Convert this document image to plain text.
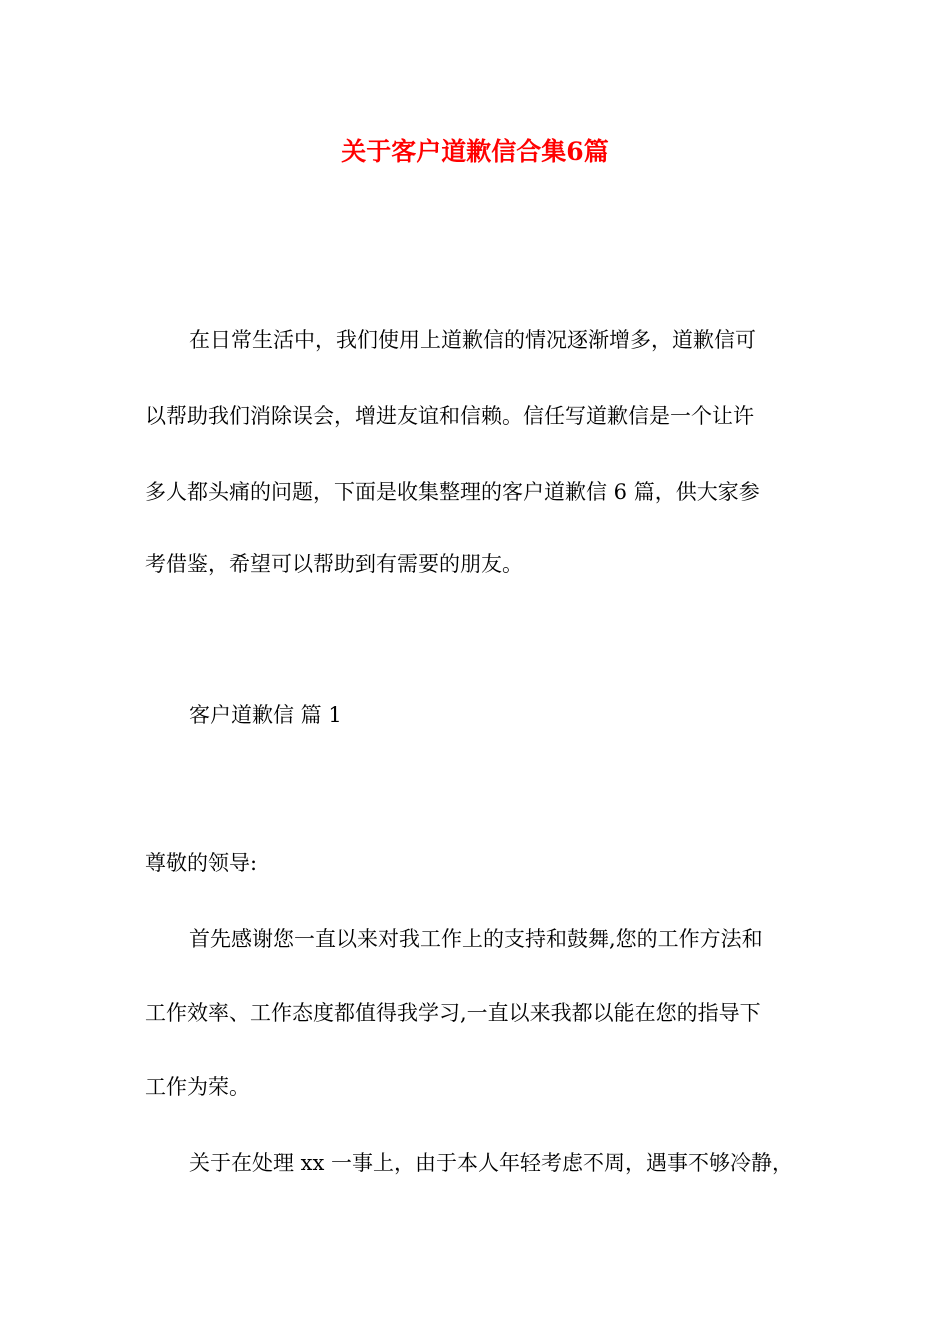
关于客户道歉信合集6篇
在日常生活中，我们使用上道歉信的情况逐渐增多，道歉信可
以帮助我们消除误会，增进友谊和信赖。信任写道歉信是一个让许
多人都头痛的问题，下面是收集整理的客户道歉信 6 篇，供大家参
考借鉴，希望可以帮助到有需要的朋友。
客户道歉信 篇 1
尊敬的领导:
首先感谢您一直以来对我工作上的支持和鼓舞,您的工作方法和
工作效率、工作态度都值得我学习,一直以来我都以能在您的指导下
工作为荣。
关于在处理 xx 一事上，由于本人年轻考虑不周，遇事不够冷静，
